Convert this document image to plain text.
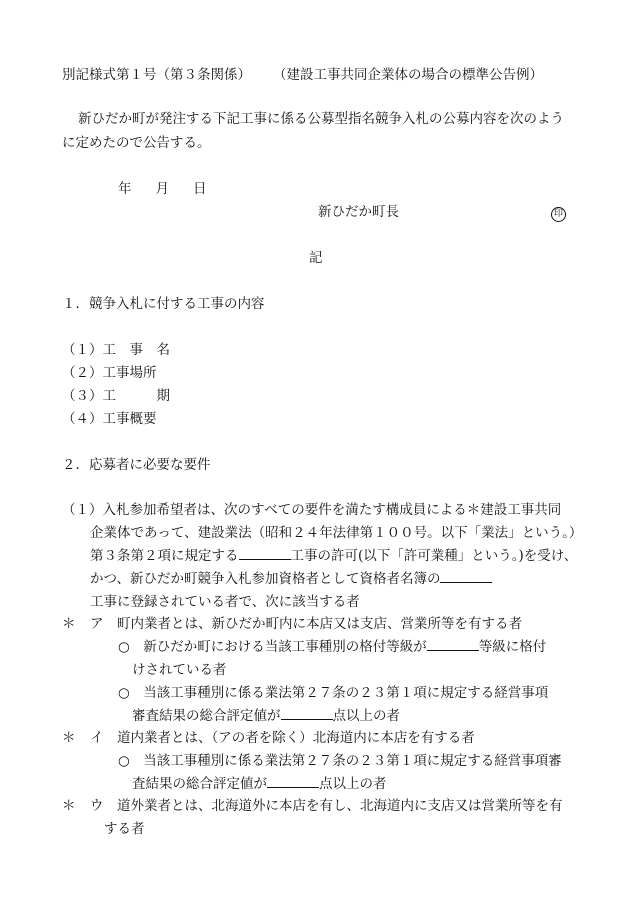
別記様式第１号（第３条関係） （建設工事共同企業体の場合の標準公告例）
新ひだか町が発注する下記工事に係る公募型指名競争入札の公募内容を次のよう
に定めたので公告する。
年 月 日
新ひだか町長	印
記
１．競争入札に付する工事の内容
（１）工　事　名
（２）工事場所
（３）工　　　期
（４）工事概要
２．応募者に必要な要件
（１）入札参加希望者は、次のすべての要件を満たす構成員による＊建設工事共同
企業体であって、建設業法（昭和２４年法律第１００号。以下「業法」という。）
第３条第２項に規定する	工事の許可(以下「許可業種」という。)を受け、
かつ、新ひだか町競争入札参加資格者として資格者名簿の
工事に登録されている者で、次に該当する者
＊ ア　町内業者とは、新ひだか町内に本店又は支店、営業所等を有する者
○　新ひだか町における当該工事種別の格付等級が	等級に格付
けされている者
○　当該工事種別に係る業法第２７条の２３第１項に規定する経営事項
審査結果の総合評定値が	点以上の者
＊ イ　道内業者とは、（アの者を除く）北海道内に本店を有する者
○　当該工事種別に係る業法第２７条の２３第１項に規定する経営事項審
査結果の総合評定値が	点以上の者
＊ ウ　道外業者とは、北海道外に本店を有し、北海道内に支店又は営業所等を有
する者
